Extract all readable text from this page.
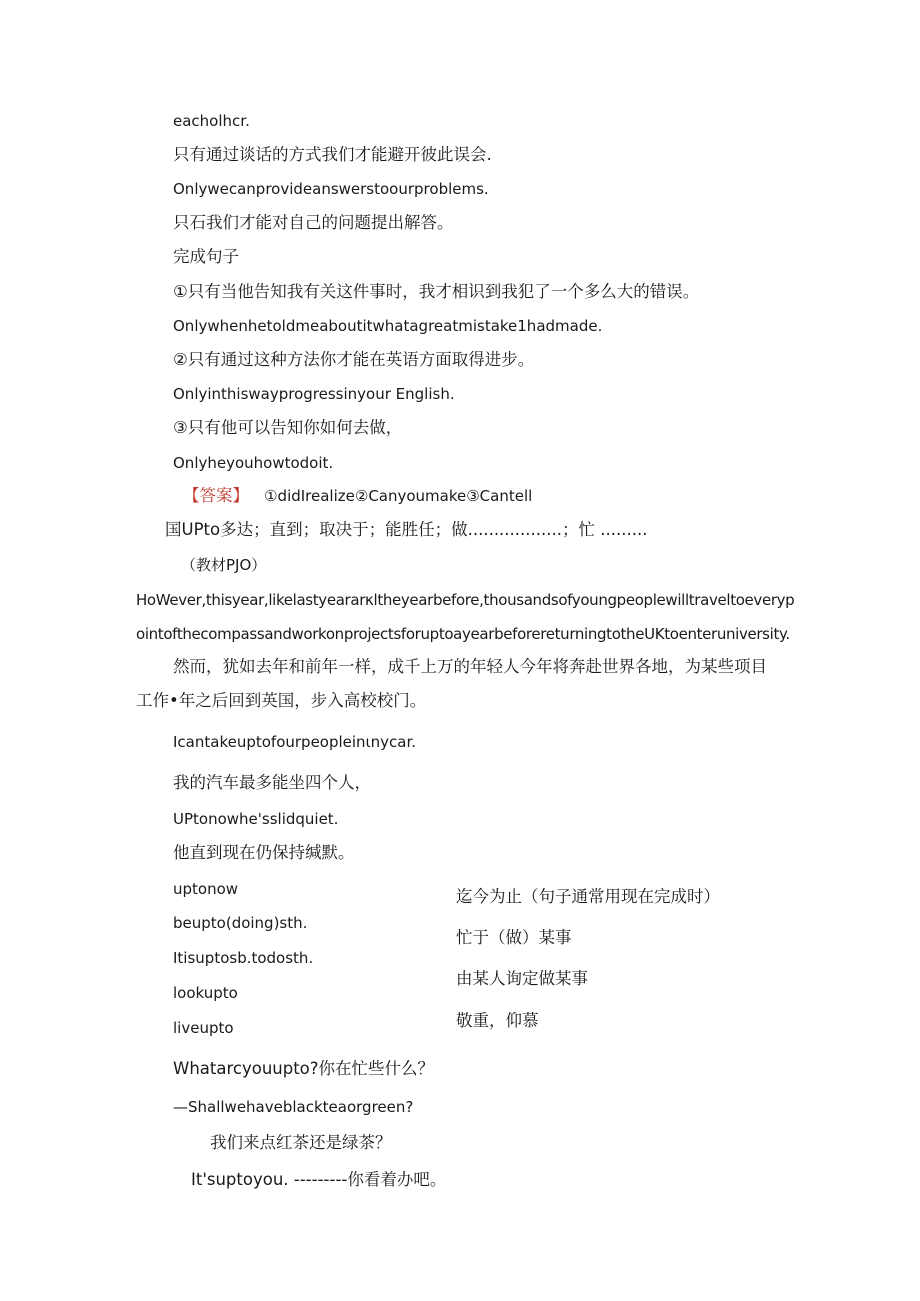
eacholhcr.
只有通过谈话的方式我们才能避开彼此误会.
Onlywecanprovideanswerstoourproblems.
只石我们才能对自己的问题提出解答。
完成句子
①只有当他告知我有关这件事时，我才相识到我犯了一个多么大的错误。
Onlywhenhetoldmeaboutitwhatagreatmistake1hadmade.
②只有通过这种方法你才能在英语方面取得进步。
Onlyinthiswayprogressinyour English.
③只有他可以告知你如何去做，
Onlyheyouhowtodoit.
【答案】 ①didIrealize②Canyoumake③Cantell
国UPto多达；直到；取决于；能胜任；做..................；忙 .........
（教材PJO）
HoWever,thisyear,likelastyeararκltheyearbefore,thousandsofyoungpeoplewilltraveltoeveryp
ointofthecompassandworkonprojectsforuptoayearbeforereturningtotheUKtoenteruniversity.
然而，犹如去年和前年一样，成千上万的年轻人今年将奔赴世界各地，为某些项目
工作•年之后回到英国，步入高校校门。
Icantakeuptofourpeopleinιnycar.
我的汽车最多能坐四个人，
UPtonowhe'sslidquiet.
他直到现在仍保持缄默。
uptonow
beupto(doing)sth.
Itisuptosb.todosth.
lookupto
liveupto
迄今为止（句子通常用现在完成时）
忙于（做）某事
由某人询定做某事
敬重，仰慕
Whatarcyouupto?你在忙些什么？
—Shallwehaveblackteaorgreen?
我们来点红茶还是绿茶？
It'suptoyou. ---------你看着办吧。
